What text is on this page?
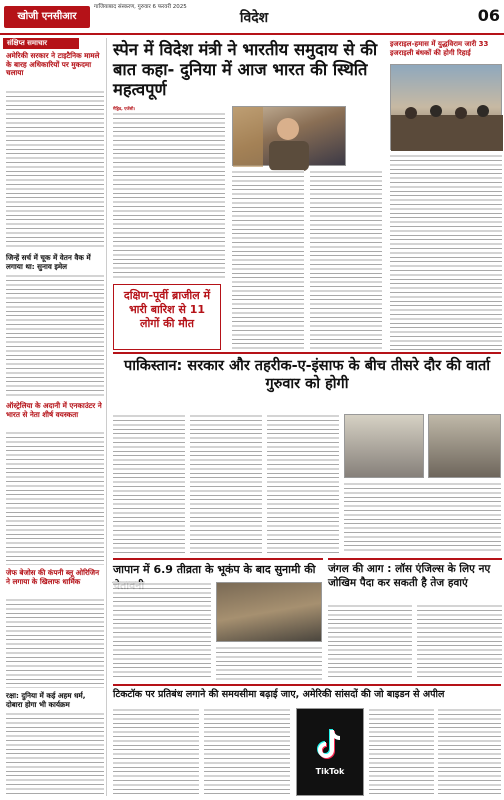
खोजी एनसीआर
गाजियाबाद संस्करण, गुरुवार 6 फरवरी 2025
विदेश	06
संक्षिप्त समाचार
अमेरिकी सरकार ने टाइटैनिक मामले के बारह अधिकारियों पर मुकदमा चलाया
जिन्हें सर्च में चूक में वेतन वैक में लगाया था: सुनाव इमेल
ऑस्ट्रेलिया के अदानी में एनकाउंटर ने भारत से नेता शीर्ष वयस्कता
जेफ बेजोस की कंपनी ब्लू ओरिजिन ने लगाया के खिलाफ धार्मिक
रक्षा: दुनिया में कई अहम धर्म, दोबारा होगा भी कार्यक्रम
स्पेन में विदेश मंत्री ने भारतीय समुदाय से की बात कहा- दुनिया में आज भारत की स्थिति महत्वपूर्ण
मैड्रिड, एजेंसी।
इजराइल-हमास में युद्धविराम जारी 33 इजराइली बंधकों की होगी रिहाई
दक्षिण-पूर्वी ब्राजील में भारी बारिश से 11 लोगों की मौत
पाकिस्तान: सरकार और तहरीक-ए-इंसाफ के बीच तीसरे दौर की वार्ता गुरुवार को होगी
जापान में 6.9 तीव्रता के भूकंप के बाद सुनामी की	जंगल की आग : लॉस एंजिल्स के लिए नए जोखिम पैदा कर सकती है तेज हवाएं
टिकटॉक पर प्रतिबंध लगाने की समयसीमा बढ़ाई जाए, अमेरिकी सांसदों की जो बाइडन से अपील
TikTok
